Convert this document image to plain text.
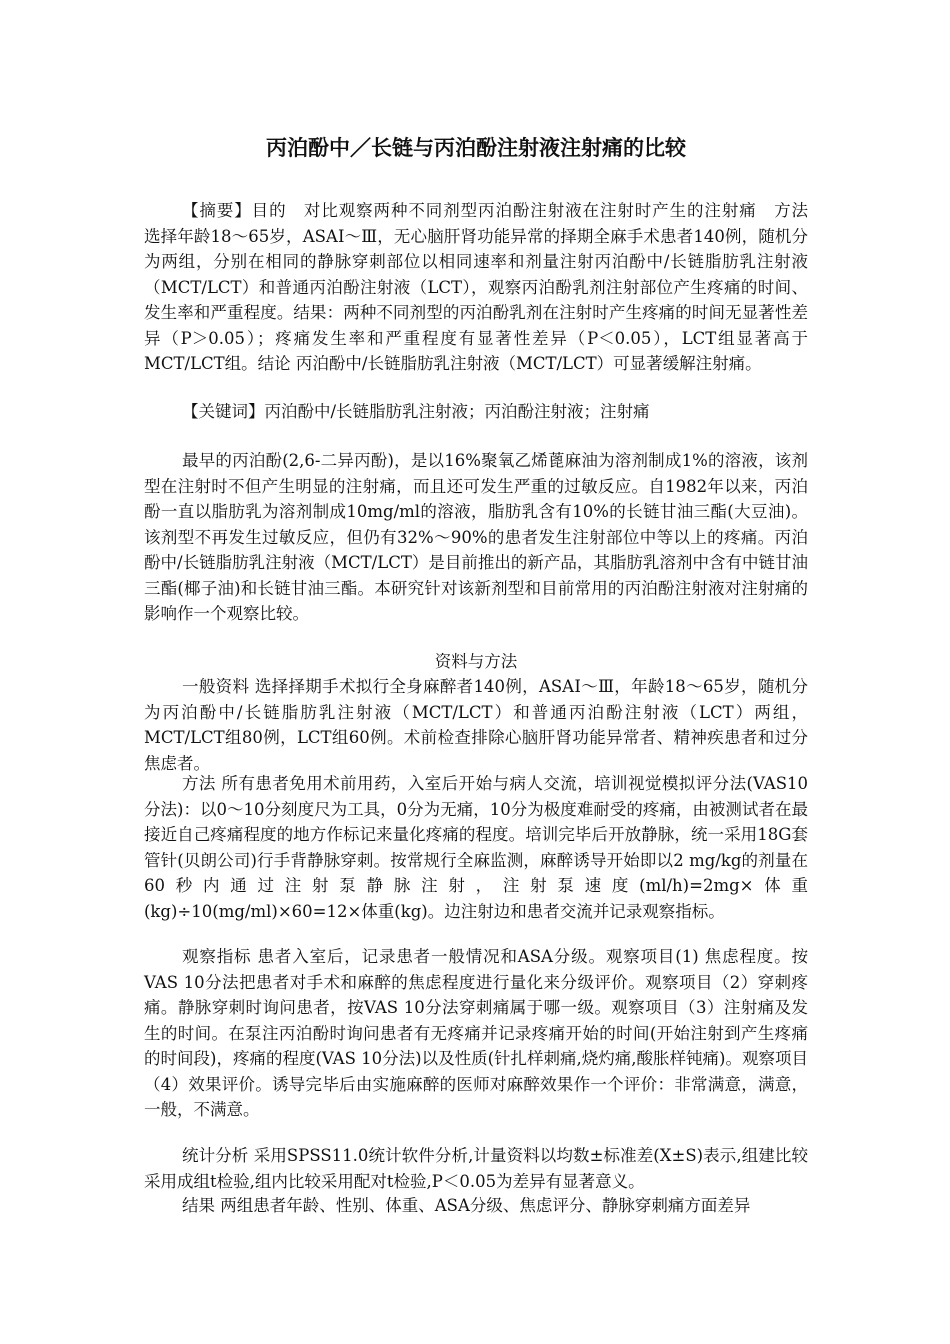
丙泊酚中／长链与丙泊酚注射液注射痛的比较

【摘要】目的　对比观察两种不同剂型丙泊酚注射液在注射时产生的注射痛　方法　选择年龄18～65岁，ASAⅠ～Ⅲ，无心脑肝肾功能异常的择期全麻手术患者140例，随机分为两组，分别在相同的静脉穿刺部位以相同速率和剂量注射丙泊酚中/长链脂肪乳注射液（MCT/LCT）和普通丙泊酚注射液（LCT），观察丙泊酚乳剂注射部位产生疼痛的时间、发生率和严重程度。结果：两种不同剂型的丙泊酚乳剂在注射时产生疼痛的时间无显著性差异（P＞0.05）；疼痛发生率和严重程度有显著性差异（P＜0.05），LCT组显著高于MCT/LCT组。结论 丙泊酚中/长链脂肪乳注射液（MCT/LCT）可显著缓解注射痛。

【关键词】丙泊酚中/长链脂肪乳注射液；丙泊酚注射液；注射痛

最早的丙泊酚(2,6-二异丙酚)，是以16%聚氧乙烯蓖麻油为溶剂制成1%的溶液，该剂型在注射时不但产生明显的注射痛，而且还可发生严重的过敏反应。自1982年以来，丙泊酚一直以脂肪乳为溶剂制成10mg/ml的溶液，脂肪乳含有10%的长链甘油三酯(大豆油)。该剂型不再发生过敏反应，但仍有32%～90%的患者发生注射部位中等以上的疼痛。丙泊酚中/长链脂肪乳注射液（MCT/LCT）是目前推出的新产品，其脂肪乳溶剂中含有中链甘油三酯(椰子油)和长链甘油三酯。本研究针对该新剂型和目前常用的丙泊酚注射液对注射痛的影响作一个观察比较。

资料与方法

一般资料 选择择期手术拟行全身麻醉者140例，ASAⅠ～Ⅲ，年龄18～65岁，随机分为丙泊酚中/长链脂肪乳注射液（MCT/LCT）和普通丙泊酚注射液（LCT）两组，MCT/LCT组80例，LCT组60例。术前检查排除心脑肝肾功能异常者、精神疾患者和过分焦虑者。

方法 所有患者免用术前用药，入室后开始与病人交流，培训视觉模拟评分法(VAS10分法)：以0～10分刻度尺为工具，0分为无痛，10分为极度难耐受的疼痛，由被测试者在最接近自己疼痛程度的地方作标记来量化疼痛的程度。培训完毕后开放静脉，统一采用18G套管针(贝朗公司)行手背静脉穿刺。按常规行全麻监测，麻醉诱导开始即以2 mg/kg的剂量在60秒内通过注射泵静脉注射，注射泵速度(ml/h)=2mg×体重(kg)÷10(mg/ml)×60=12×体重(kg)。边注射边和患者交流并记录观察指标。

观察指标 患者入室后，记录患者一般情况和ASA分级。观察项目(1) 焦虑程度。按VAS 10分法把患者对手术和麻醉的焦虑程度进行量化来分级评价。观察项目（2）穿刺疼痛。静脉穿刺时询问患者，按VAS 10分法穿刺痛属于哪一级。观察项目（3）注射痛及发生的时间。在泵注丙泊酚时询问患者有无疼痛并记录疼痛开始的时间(开始注射到产生疼痛的时间段)，疼痛的程度(VAS 10分法)以及性质(针扎样刺痛,烧灼痛,酸胀样钝痛)。观察项目（4）效果评价。诱导完毕后由实施麻醉的医师对麻醉效果作一个评价：非常满意，满意，一般，不满意。

统计分析 采用SPSS11.0统计软件分析,计量资料以均数±标准差(X±S)表示,组建比较采用成组t检验,组内比较采用配对t检验,P＜0.05为差异有显著意义。

结果 两组患者年龄、性别、体重、ASA分级、焦虑评分、静脉穿刺痛方面差异
